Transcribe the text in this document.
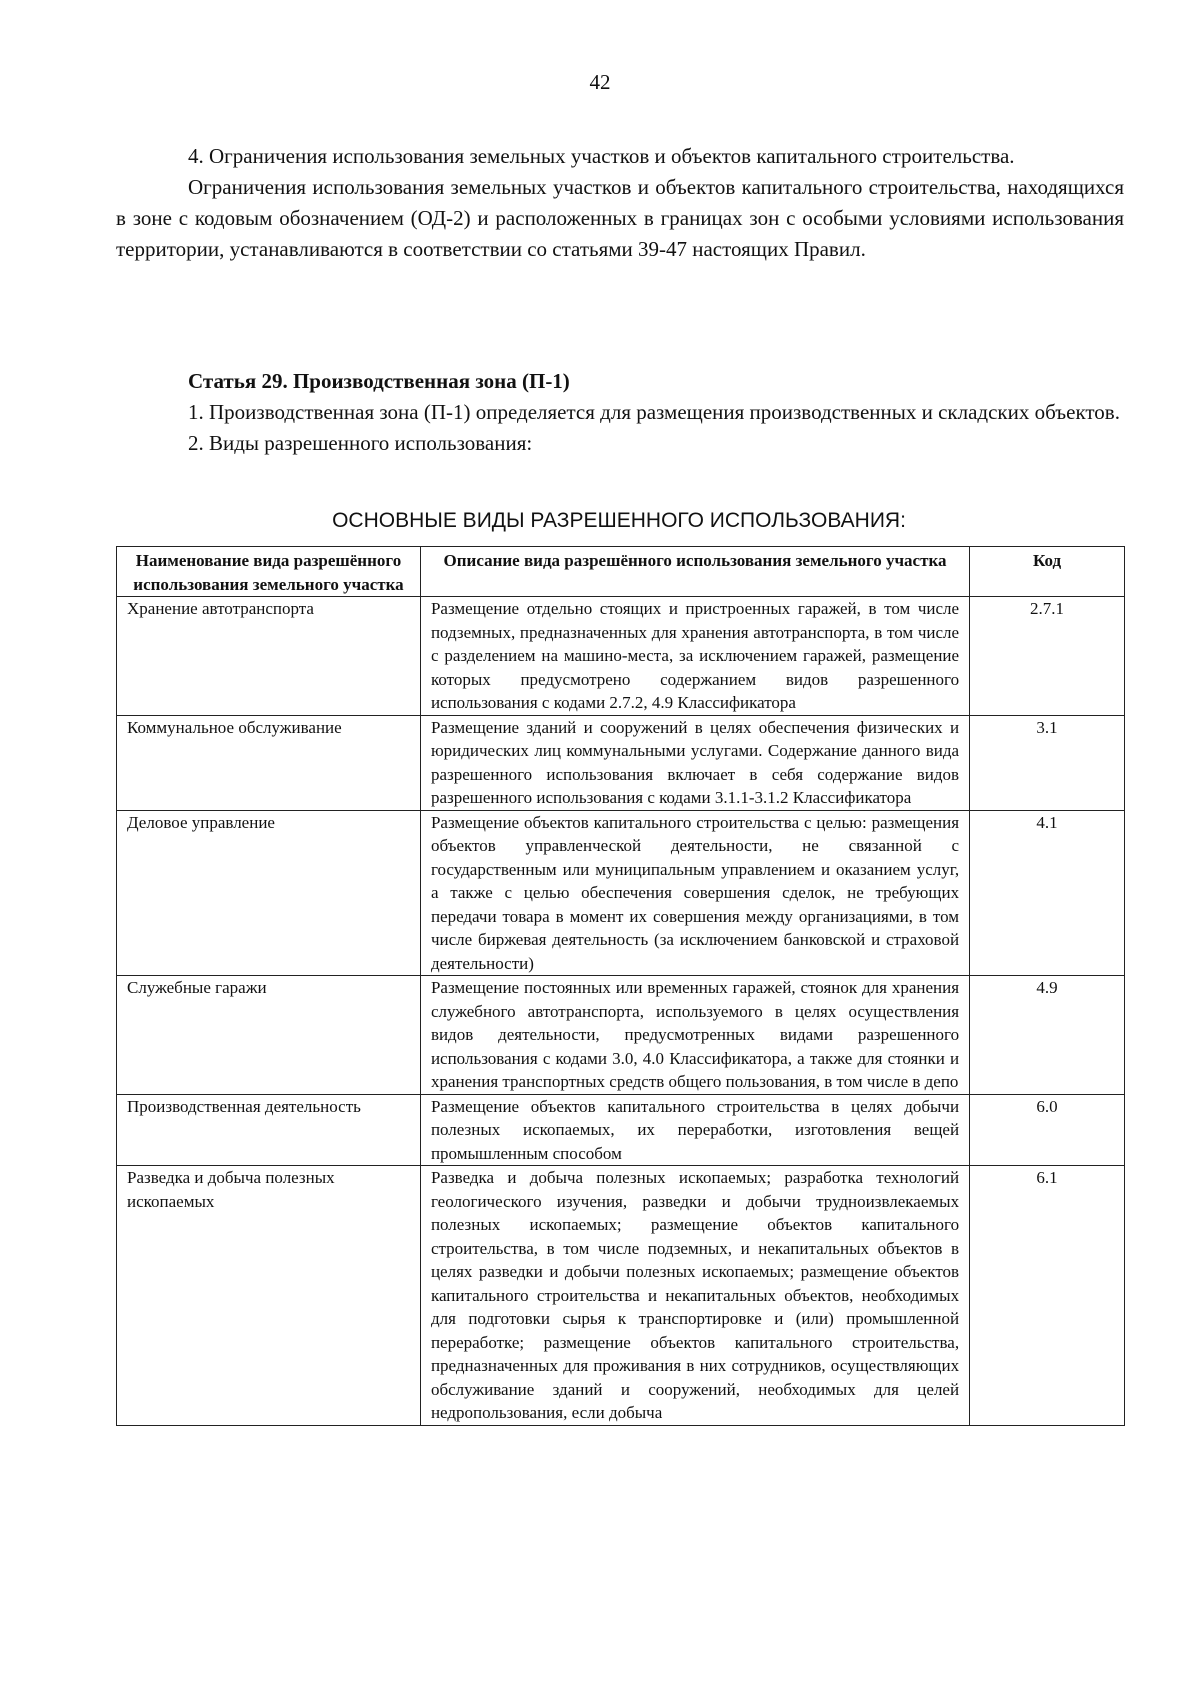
42

4. Ограничения использования земельных участков и объектов капитального строительства.

Ограничения использования земельных участков и объектов капитального строительства, находящихся в зоне с кодовым обозначением (ОД-2) и расположенных в границах зон с особыми условиями использования территории, устанавливаются в соответствии со статьями 39-47 настоящих Правил.

Статья 29. Производственная зона (П-1)

1. Производственная зона (П-1) определяется для размещения производственных и складских объектов.

2. Виды разрешенного использования:

ОСНОВНЫЕ ВИДЫ РАЗРЕШЕННОГО ИСПОЛЬЗОВАНИЯ:
Наименование вида разрешённого использования земельного участка	Описание вида разрешённого использования земельного участка	Код
Хранение автотранспорта	Размещение отдельно стоящих и пристроенных гаражей, в том числе подземных, предназначенных для хранения автотранспорта, в том числе с разделением на машино-места, за исключением гаражей, размещение которых предусмотрено содержанием видов разрешенного использования с кодами 2.7.2, 4.9 Классификатора	2.7.1
Коммунальное обслуживание	Размещение зданий и сооружений в целях обеспечения физических и юридических лиц коммунальными услугами. Содержание данного вида разрешенного использования включает в себя содержание видов разрешенного использования с кодами 3.1.1-3.1.2 Классификатора	3.1
Деловое управление	Размещение объектов капитального строительства с целью: размещения объектов управленческой деятельности, не связанной с государственным или муниципальным управлением и оказанием услуг, а также с целью обеспечения совершения сделок, не требующих передачи товара в момент их совершения между организациями, в том числе биржевая деятельность (за исключением банковской и страховой деятельности)	4.1
Служебные гаражи	Размещение постоянных или временных гаражей, стоянок для хранения служебного автотранспорта, используемого в целях осуществления видов деятельности, предусмотренных видами разрешенного использования с кодами 3.0, 4.0 Классификатора, а также для стоянки и хранения транспортных средств общего пользования, в том числе в депо	4.9
Производственная деятельность	Размещение объектов капитального строительства в целях добычи полезных ископаемых, их переработки, изготовления вещей промышленным способом	6.0
Разведка и добыча полезных ископаемых	Разведка и добыча полезных ископаемых; разработка технологий геологического изучения, разведки и добычи трудноизвлекаемых полезных ископаемых; размещение объектов капитального строительства, в том числе подземных, и некапитальных объектов в целях разведки и добычи полезных ископаемых; размещение объектов капитального строительства и некапитальных объектов, необходимых для подготовки сырья к транспортировке и (или) промышленной переработке; размещение объектов капитального строительства, предназначенных для проживания в них сотрудников, осуществляющих обслуживание зданий и сооружений, необходимых для целей недропользования, если добыча	6.1
